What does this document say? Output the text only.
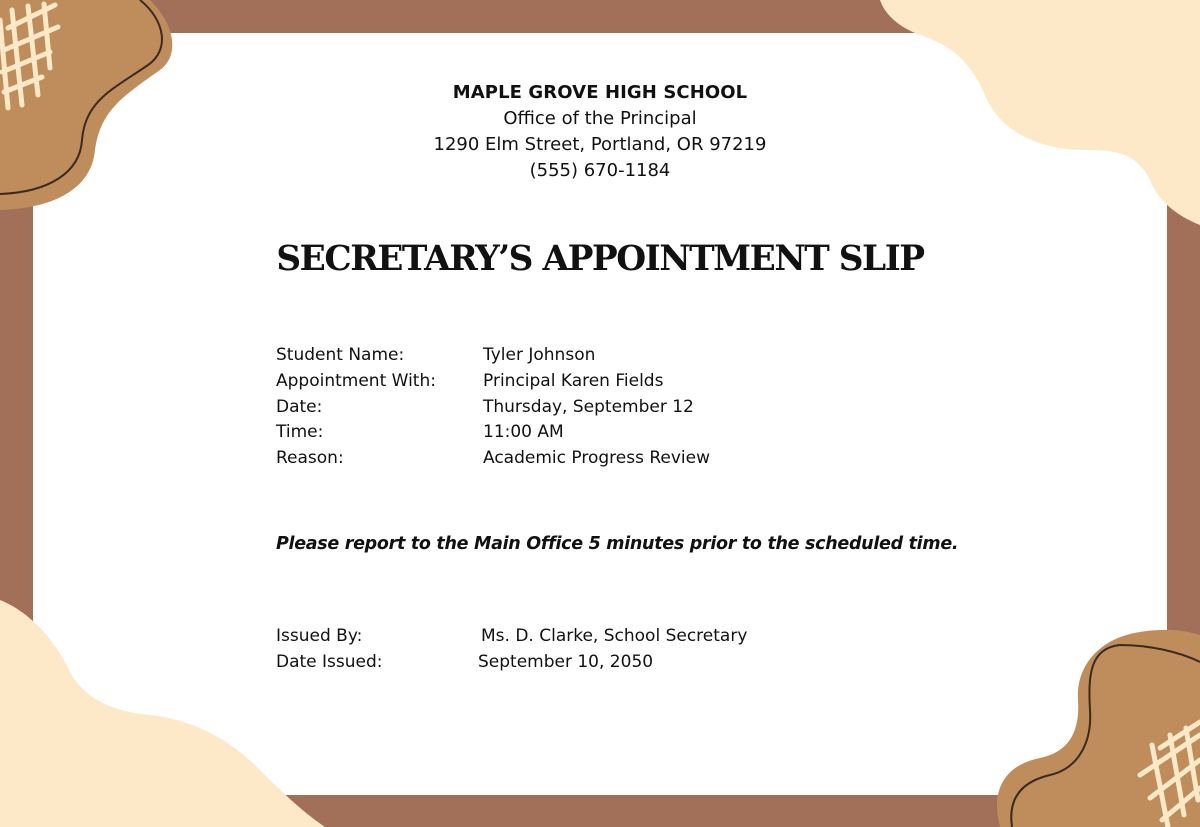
MAPLE GROVE HIGH SCHOOL

Office of the Principal

1290 Elm Street, Portland, OR 97219

(555) 670-1184

SECRETARY’S APPOINTMENT SLIP
Student Name:	Tyler Johnson
Appointment With:	Principal Karen Fields
Date:	Thursday, September 12
Time:	11:00 AM
Reason:	Academic Progress Review

Please report to the Main Office 5 minutes prior to the scheduled time.

Issued By:	Ms. D. Clarke, School Secretary
Date Issued:	September 10, 2050
